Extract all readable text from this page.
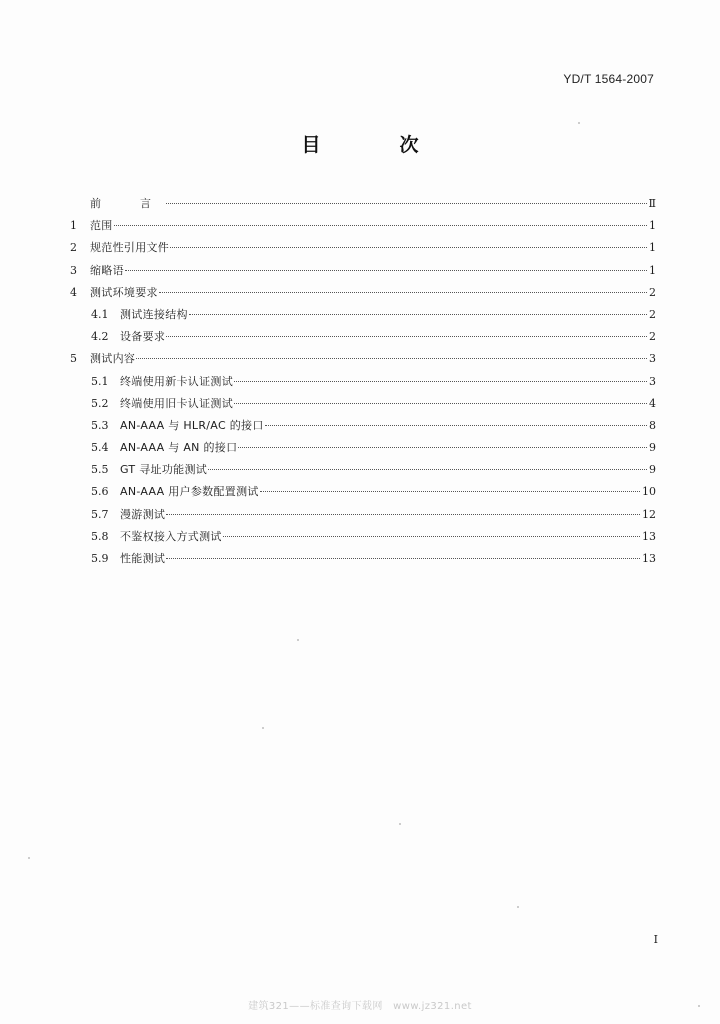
YD/T 1564-2007
目　次
前　言	Ⅱ
1	范围	1
2	规范性引用文件	1
3	缩略语	1
4	测试环境要求	2
4.1	测试连接结构	2
4.2	设备要求	2
5	测试内容	3
5.1	终端使用新卡认证测试	3
5.2	终端使用旧卡认证测试	4
5.3	AN-AAA 与 HLR/AC 的接口	8
5.4	AN-AAA 与 AN 的接口	9
5.5	GT 寻址功能测试	9
5.6	AN-AAA 用户参数配置测试	10
5.7	漫游测试	12
5.8	不鉴权接入方式测试	13
5.9	性能测试	13
I
建筑321——标准查询下载网　www.jz321.net
